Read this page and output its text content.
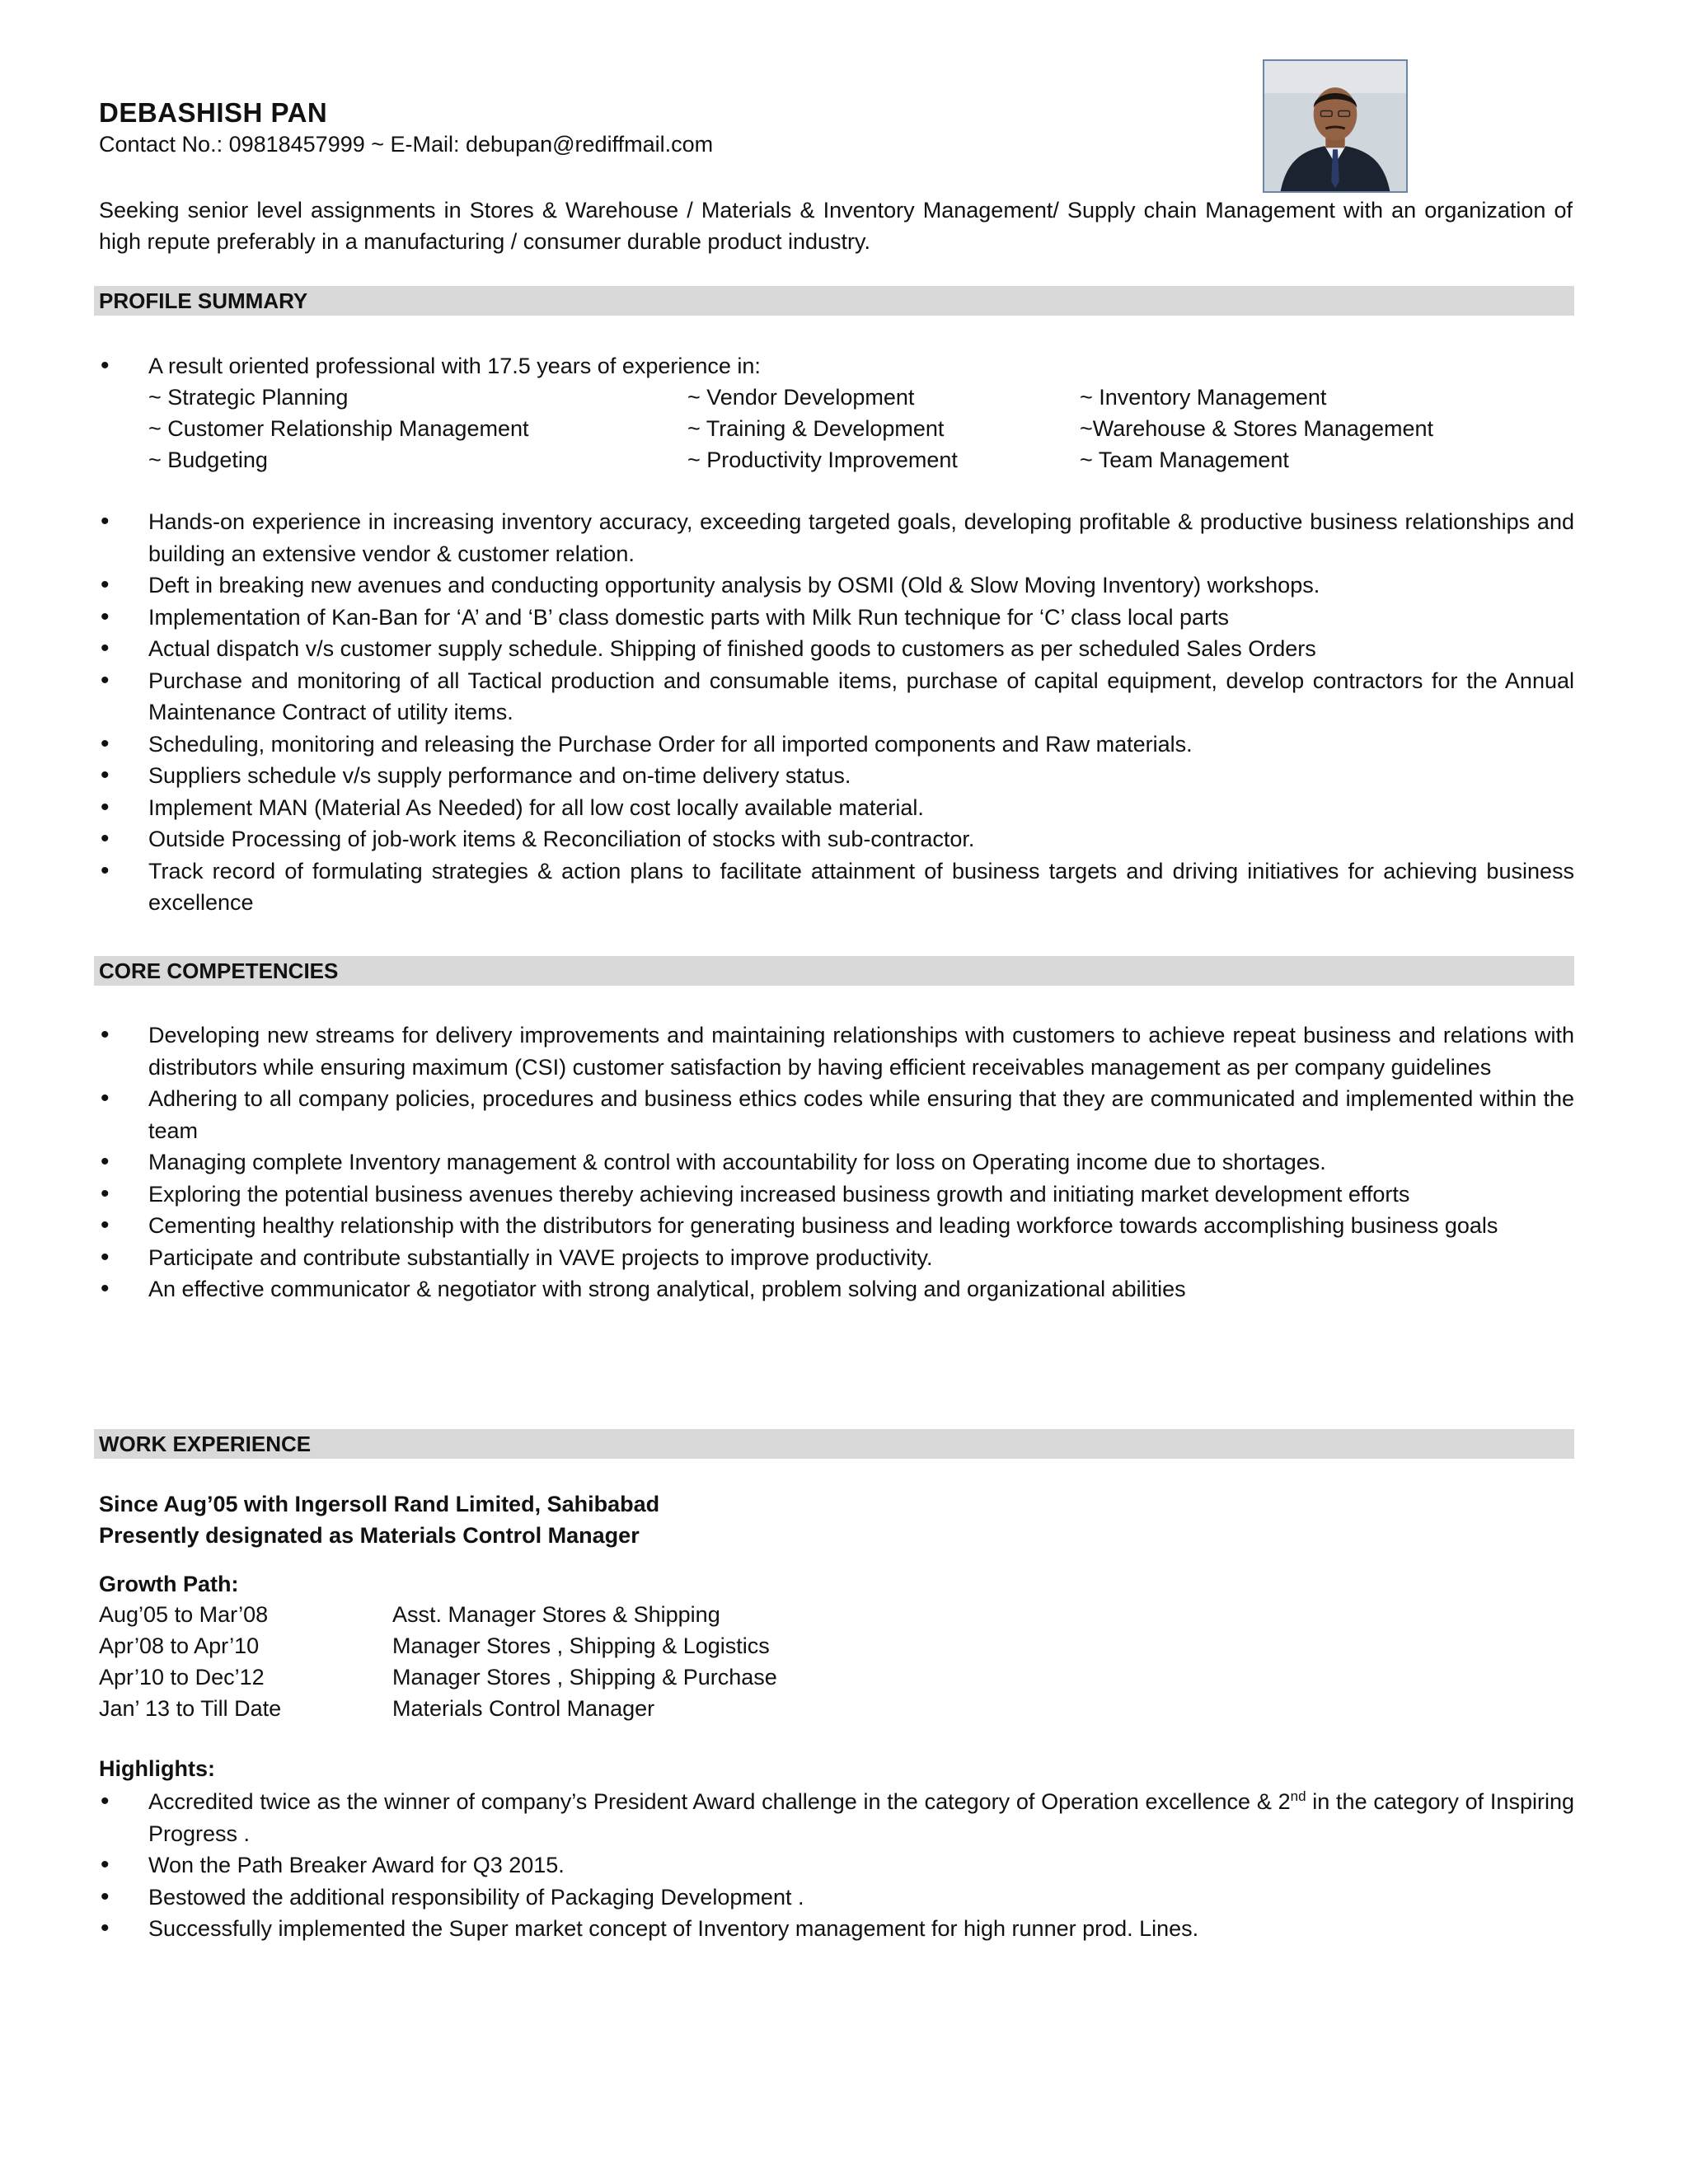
DEBASHISH PAN
Contact No.: 09818457999 ~ E-Mail: debupan@rediffmail.com
Seeking senior level assignments in Stores & Warehouse / Materials & Inventory Management/ Supply chain Management with an organization of high repute preferably in a manufacturing / consumer durable product industry.
PROFILE SUMMARY
• A result oriented professional with 17.5 years of experience in:
~ Strategic Planning	~ Vendor Development	~ Inventory Management
~ Customer Relationship Management	~ Training & Development	~Warehouse & Stores Management
~ Budgeting	~ Productivity Improvement	~ Team Management
• Hands-on experience in increasing inventory accuracy, exceeding targeted goals, developing profitable & productive business relationships and building an extensive vendor & customer relation.
• Deft in breaking new avenues and conducting opportunity analysis by OSMI (Old & Slow Moving Inventory) workshops.
• Implementation of Kan-Ban for ‘A’ and ‘B’ class domestic parts with Milk Run technique for ‘C’ class local parts
• Actual dispatch v/s customer supply schedule. Shipping of finished goods to customers as per scheduled Sales Orders
• Purchase and monitoring of all Tactical production and consumable items, purchase of capital equipment, develop contractors for the Annual Maintenance Contract of utility items.
• Scheduling, monitoring and releasing the Purchase Order for all imported components and Raw materials.
• Suppliers schedule v/s supply performance and on-time delivery status.
• Implement MAN (Material As Needed) for all low cost locally available material.
• Outside Processing of job-work items & Reconciliation of stocks with sub-contractor.
• Track record of formulating strategies & action plans to facilitate attainment of business targets and driving initiatives for achieving business excellence
CORE COMPETENCIES
• Developing new streams for delivery improvements and maintaining relationships with customers to achieve repeat business and relations with distributors while ensuring maximum (CSI) customer satisfaction by having efficient receivables management as per company guidelines
• Adhering to all company policies, procedures and business ethics codes while ensuring that they are communicated and implemented within the team
• Managing complete Inventory management & control with accountability for loss on Operating income due to shortages.
• Exploring the potential business avenues thereby achieving increased business growth and initiating market development efforts
• Cementing healthy relationship with the distributors for generating business and leading workforce towards accomplishing business goals
• Participate and contribute substantially in VAVE projects to improve productivity.
• An effective communicator & negotiator with strong analytical, problem solving and organizational abilities
WORK EXPERIENCE
Since Aug’05 with Ingersoll Rand Limited, Sahibabad
Presently designated as Materials Control Manager
Growth Path:
Aug’05 to Mar’08	Asst. Manager Stores & Shipping
Apr’08 to Apr’10	Manager Stores , Shipping & Logistics
Apr’10 to Dec’12	Manager Stores , Shipping & Purchase
Jan’ 13 to Till Date	Materials Control Manager
Highlights:
• Accredited twice as the winner of company’s President Award challenge in the category of Operation excellence & 2nd in the category of Inspiring Progress .
• Won the Path Breaker Award for Q3 2015.
• Bestowed the additional responsibility of Packaging Development .
• Successfully implemented the Super market concept of Inventory management for high runner prod. Lines.
